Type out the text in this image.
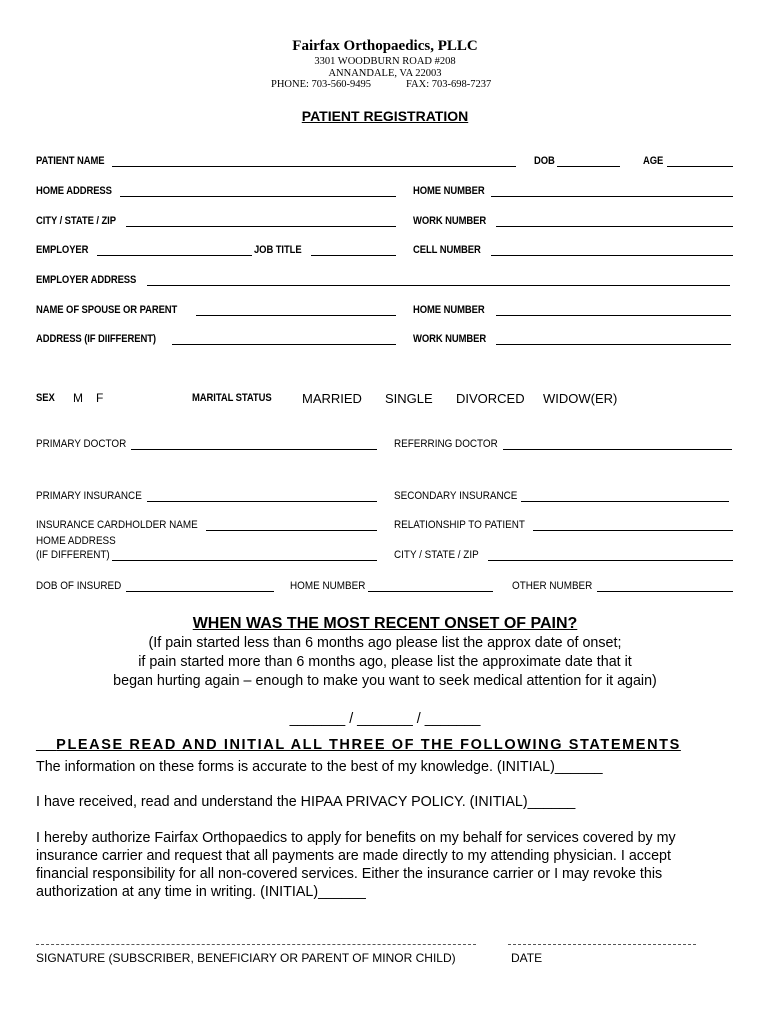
Fairfax Orthopaedics, PLLC
3301 WOODBURN ROAD #208
ANNANDALE, VA 22003
PHONE: 703-560-9495	FAX: 703-698-7237
PATIENT REGISTRATION
PATIENT NAME	DOB	AGE
HOME ADDRESS	HOME NUMBER
CITY / STATE / ZIP	WORK NUMBER
EMPLOYER	JOB TITLE	CELL NUMBER
EMPLOYER ADDRESS
NAME OF SPOUSE OR PARENT	HOME NUMBER
ADDRESS (IF DIIFFERENT)	WORK NUMBER
SEX M F	MARITAL STATUS MARRIED SINGLE DIVORCED WIDOW(ER)
PRIMARY DOCTOR	REFERRING DOCTOR
PRIMARY INSURANCE	SECONDARY INSURANCE
INSURANCE CARDHOLDER NAME	RELATIONSHIP TO PATIENT
HOME ADDRESS
(IF DIFFERENT)	CITY / STATE / ZIP
DOB OF INSURED	HOME NUMBER	OTHER NUMBER
WHEN WAS THE MOST RECENT ONSET OF PAIN?
(If pain started less than 6 months ago please list the approx date of onset;
if pain started more than 6 months ago, please list the approximate date that it
began hurting again – enough to make you want to seek medical attention for it again)
_______ / _______ / _______
__ PLEASE READ AND INITIAL ALL THREE OF THE FOLLOWING STATEMENTS
The information on these forms is accurate to the best of my knowledge. (INITIAL)______
I have received, read and understand the HIPAA PRIVACY POLICY. (INITIAL)______
I hereby authorize Fairfax Orthopaedics to apply for benefits on my behalf for services covered by my
insurance carrier and request that all payments are made directly to my attending physician. I accept
financial responsibility for all non-covered services. Either the insurance carrier or I may revoke this
authorization at any time in writing. (INITIAL)______
SIGNATURE (SUBSCRIBER, BENEFICIARY OR PARENT OF MINOR CHILD)	DATE
